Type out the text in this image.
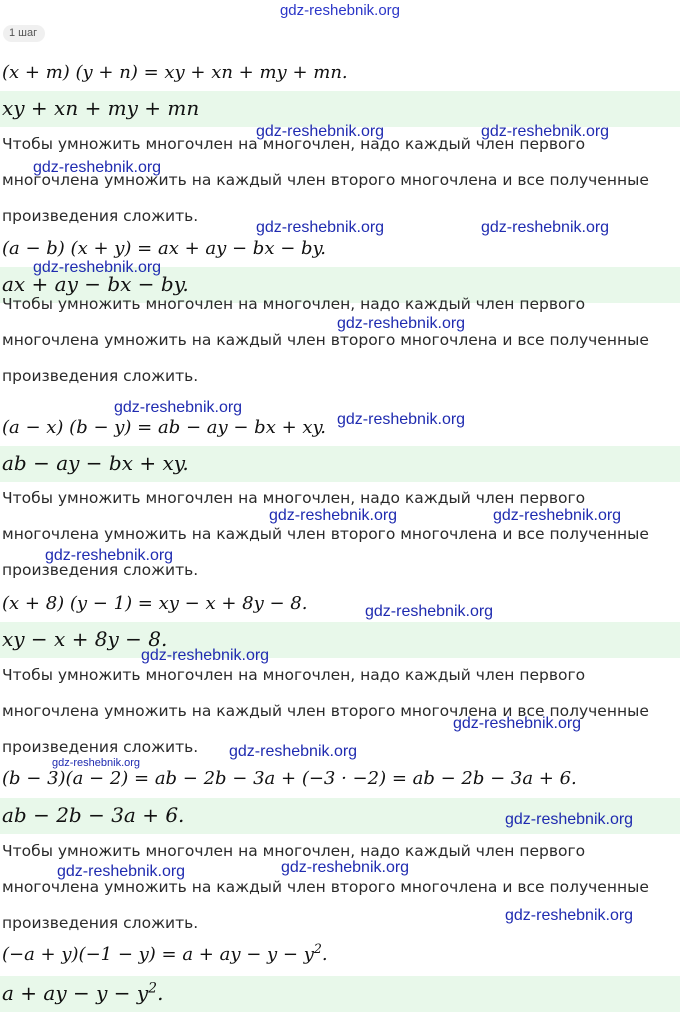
gdz-reshebnik.org
1 шаг
(x + m) (y + n) = xy + xn + my + mn.
xy + xn + my + mn
Чтобы умножить многочлен на многочлен, надо каждый член первого
многочлена умножить на каждый член второго многочлена и все полученные
произведения сложить.
(a − b) (x + y) = ax + ay − bx − by.
ax + ay − bx − by.
Чтобы умножить многочлен на многочлен, надо каждый член первого
многочлена умножить на каждый член второго многочлена и все полученные
произведения сложить.
(a − x) (b − y) = ab − ay − bx + xy.
ab − ay − bx + xy.
Чтобы умножить многочлен на многочлен, надо каждый член первого
многочлена умножить на каждый член второго многочлена и все полученные
произведения сложить.
(x + 8) (y − 1) = xy − x + 8y − 8.
xy − x + 8y − 8.
Чтобы умножить многочлен на многочлен, надо каждый член первого
многочлена умножить на каждый член второго многочлена и все полученные
произведения сложить.
(b − 3)(a − 2) = ab − 2b − 3a + (−3 · −2) = ab − 2b − 3a + 6.
ab − 2b − 3a + 6.
Чтобы умножить многочлен на многочлен, надо каждый член первого
многочлена умножить на каждый член второго многочлена и все полученные
произведения сложить.
(−a + y)(−1 − y) = a + ay − $y - y^2$.
a + ay − $y - y^2$.
gdz-reshebnik.org	gdz-reshebnik.org
gdz-reshebnik.org
gdz-reshebnik.org	gdz-reshebnik.org
gdz-reshebnik.org
gdz-reshebnik.org
gdz-reshebnik.org
gdz-reshebnik.org
gdz-reshebnik.org	gdz-reshebnik.org
gdz-reshebnik.org
gdz-reshebnik.org
gdz-reshebnik.org
gdz-reshebnik.org
gdz-reshebnik.org
gdz-reshebnik.org
gdz-reshebnik.org
gdz-reshebnik.org
gdz-reshebnik.org
gdz-reshebnik.org
